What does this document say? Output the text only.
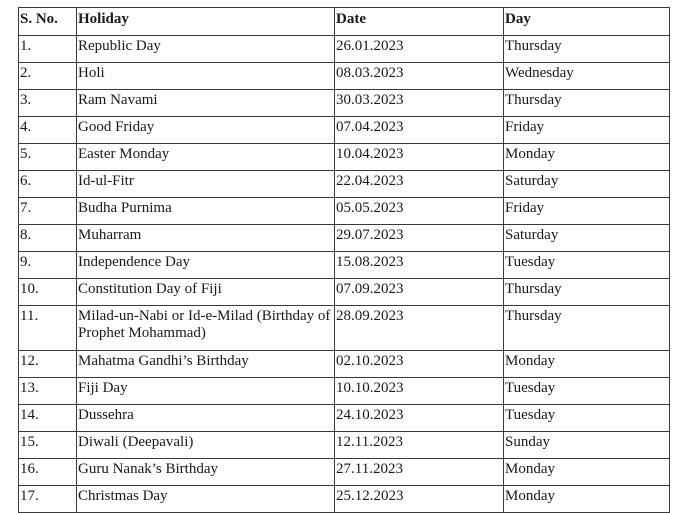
S. No.	Holiday	Date	Day
1.	Republic Day	26.01.2023	Thursday
2.	Holi	08.03.2023	Wednesday
3.	Ram Navami	30.03.2023	Thursday
4.	Good Friday	07.04.2023	Friday
5.	Easter Monday	10.04.2023	Monday
6.	Id-ul-Fitr	22.04.2023	Saturday
7.	Budha Purnima	05.05.2023	Friday
8.	Muharram	29.07.2023	Saturday
9.	Independence Day	15.08.2023	Tuesday
10.	Constitution Day of Fiji	07.09.2023	Thursday
11.	Milad-un-Nabi or Id-e-Milad (Birthday of Prophet Mohammad)	28.09.2023	Thursday
12.	Mahatma Gandhi’s Birthday	02.10.2023	Monday
13.	Fiji Day	10.10.2023	Tuesday
14.	Dussehra	24.10.2023	Tuesday
15.	Diwali (Deepavali)	12.11.2023	Sunday
16.	Guru Nanak’s Birthday	27.11.2023	Monday
17.	Christmas Day	25.12.2023	Monday
